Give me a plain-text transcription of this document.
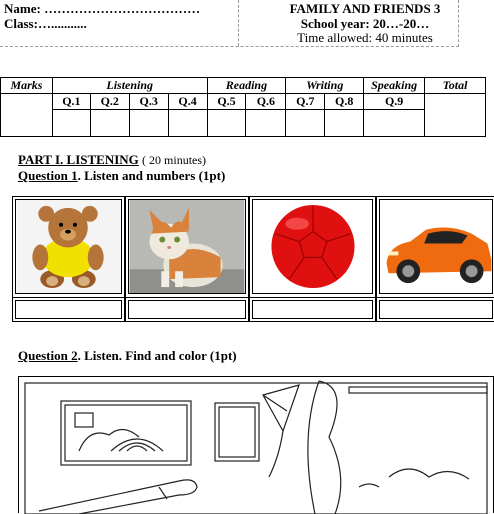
Name: ………………………………
Class:…...........
FAMILY AND FRIENDS 3
School year: 20…-20…
Time allowed: 40 minutes
Marks	Listening				Reading		Writing		Speaking	Total
	Q.1	Q.2	Q.3	Q.4	Q.5	Q.6	Q.7	Q.8	Q.9	

PART I. LISTENING ( 20 minutes)
Question 1. Listen and numbers (1pt)
Question 2. Listen. Find and color (1pt)
